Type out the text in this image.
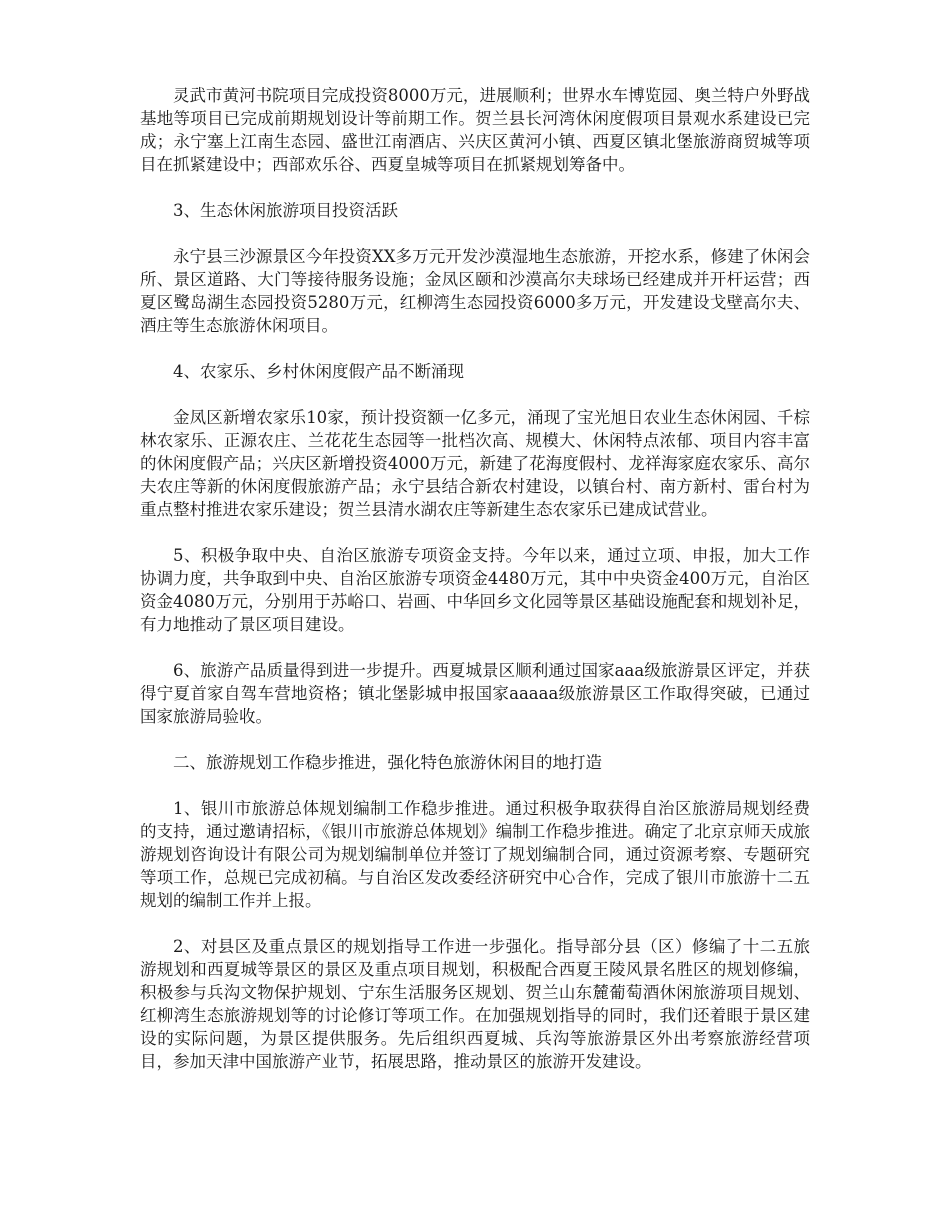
灵武市黄河书院项目完成投资8000万元，进展顺利；世界水车博览园、奥兰特户外野战基地等项目已完成前期规划设计等前期工作。贺兰县长河湾休闲度假项目景观水系建设已完成；永宁塞上江南生态园、盛世江南酒店、兴庆区黄河小镇、西夏区镇北堡旅游商贸城等项目在抓紧建设中；西部欢乐谷、西夏皇城等项目在抓紧规划筹备中。

3、生态休闲旅游项目投资活跃

永宁县三沙源景区今年投资XX多万元开发沙漠湿地生态旅游，开挖水系，修建了休闲会所、景区道路、大门等接待服务设施；金凤区颐和沙漠高尔夫球场已经建成并开杆运营；西夏区鹭岛湖生态园投资5280万元，红柳湾生态园投资6000多万元，开发建设戈壁高尔夫、酒庄等生态旅游休闲项目。

4、农家乐、乡村休闲度假产品不断涌现

金凤区新增农家乐10家，预计投资额一亿多元，涌现了宝光旭日农业生态休闲园、千棕林农家乐、正源农庄、兰花花生态园等一批档次高、规模大、休闲特点浓郁、项目内容丰富的休闲度假产品；兴庆区新增投资4000万元，新建了花海度假村、龙祥海家庭农家乐、高尔夫农庄等新的休闲度假旅游产品；永宁县结合新农村建设，以镇台村、南方新村、雷台村为重点整村推进农家乐建设；贺兰县清水湖农庄等新建生态农家乐已建成试营业。

5、积极争取中央、自治区旅游专项资金支持。今年以来，通过立项、申报，加大工作协调力度，共争取到中央、自治区旅游专项资金4480万元，其中中央资金400万元，自治区资金4080万元，分别用于苏峪口、岩画、中华回乡文化园等景区基础设施配套和规划补足，有力地推动了景区项目建设。

6、旅游产品质量得到进一步提升。西夏城景区顺利通过国家aaa级旅游景区评定，并获得宁夏首家自驾车营地资格；镇北堡影城申报国家aaaaa级旅游景区工作取得突破，已通过国家旅游局验收。

二、旅游规划工作稳步推进，强化特色旅游休闲目的地打造

1、银川市旅游总体规划编制工作稳步推进。通过积极争取获得自治区旅游局规划经费的支持，通过邀请招标，《银川市旅游总体规划》编制工作稳步推进。确定了北京京师天成旅游规划咨询设计有限公司为规划编制单位并签订了规划编制合同，通过资源考察、专题研究等项工作，总规已完成初稿。与自治区发改委经济研究中心合作，完成了银川市旅游十二五规划的编制工作并上报。

2、对县区及重点景区的规划指导工作进一步强化。指导部分县（区）修编了十二五旅游规划和西夏城等景区的景区及重点项目规划，积极配合西夏王陵风景名胜区的规划修编，积极参与兵沟文物保护规划、宁东生活服务区规划、贺兰山东麓葡萄酒休闲旅游项目规划、红柳湾生态旅游规划等的讨论修订等项工作。在加强规划指导的同时，我们还着眼于景区建设的实际问题，为景区提供服务。先后组织西夏城、兵沟等旅游景区外出考察旅游经营项目，参加天津中国旅游产业节，拓展思路，推动景区的旅游开发建设。
